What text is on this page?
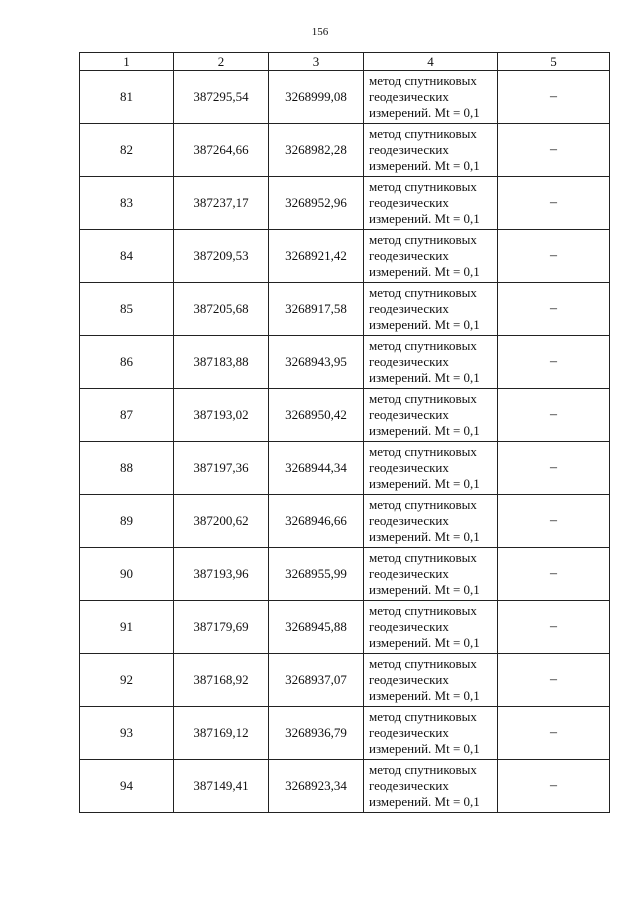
156
1	2	3	4	5
81	387295,54	3268999,08	метод спутниковых
геодезических
измерений. Mt = 0,1	–
82	387264,66	3268982,28	метод спутниковых
геодезических
измерений. Mt = 0,1	–
83	387237,17	3268952,96	метод спутниковых
геодезических
измерений. Mt = 0,1	–
84	387209,53	3268921,42	метод спутниковых
геодезических
измерений. Mt = 0,1	–
85	387205,68	3268917,58	метод спутниковых
геодезических
измерений. Mt = 0,1	–
86	387183,88	3268943,95	метод спутниковых
геодезических
измерений. Mt = 0,1	–
87	387193,02	3268950,42	метод спутниковых
геодезических
измерений. Mt = 0,1	–
88	387197,36	3268944,34	метод спутниковых
геодезических
измерений. Mt = 0,1	–
89	387200,62	3268946,66	метод спутниковых
геодезических
измерений. Mt = 0,1	–
90	387193,96	3268955,99	метод спутниковых
геодезических
измерений. Mt = 0,1	–
91	387179,69	3268945,88	метод спутниковых
геодезических
измерений. Mt = 0,1	–
92	387168,92	3268937,07	метод спутниковых
геодезических
измерений. Mt = 0,1	–
93	387169,12	3268936,79	метод спутниковых
геодезических
измерений. Mt = 0,1	–
94	387149,41	3268923,34	метод спутниковых
геодезических
измерений. Mt = 0,1	–
